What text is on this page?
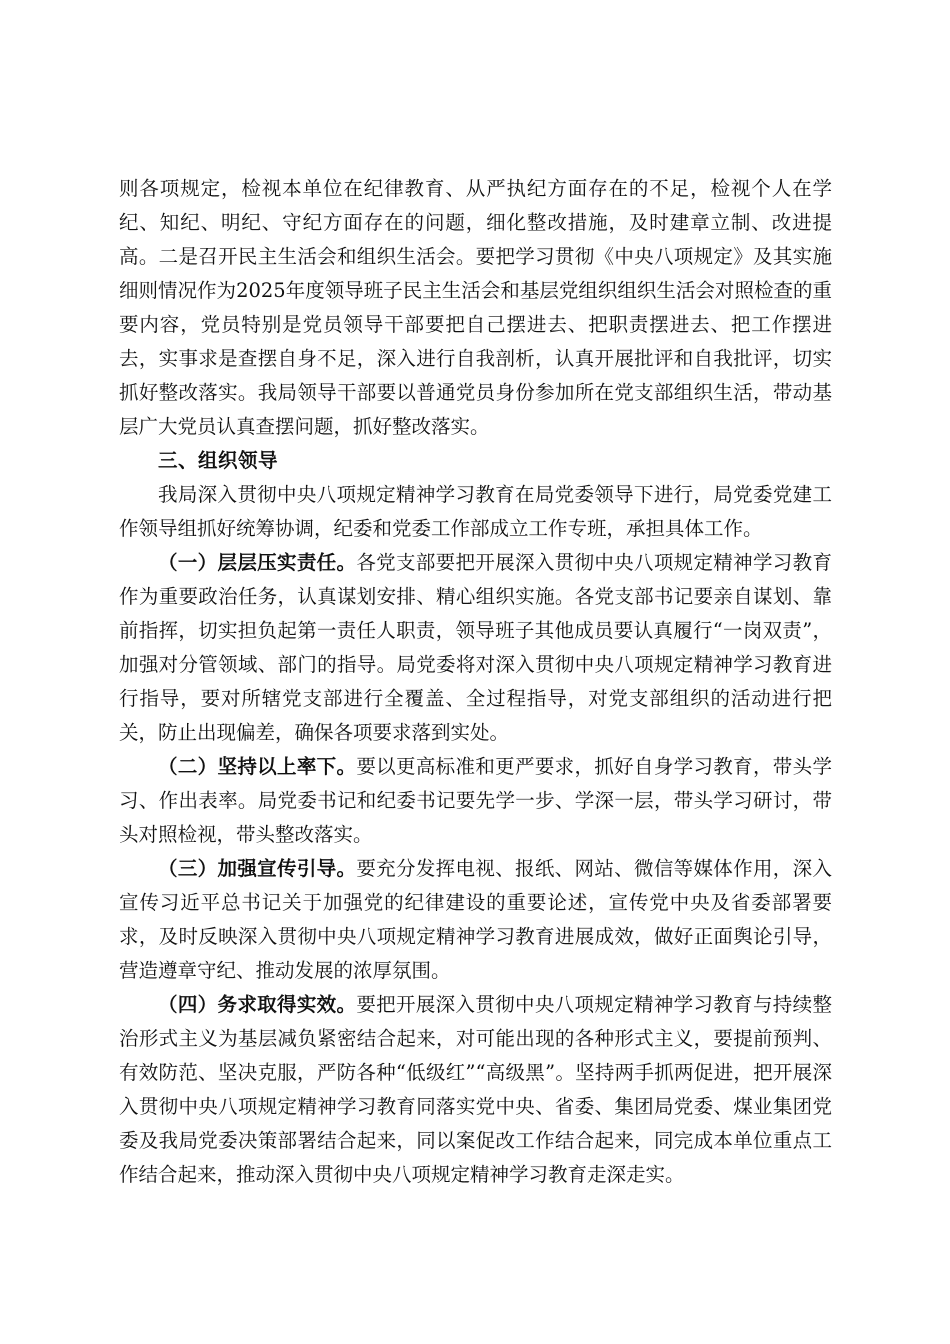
则各项规定，检视本单位在纪律教育、从严执纪方面存在的不足，检视个人在学纪、知纪、明纪、守纪方面存在的问题，细化整改措施，及时建章立制、改进提高。二是召开民主生活会和组织生活会。要把学习贯彻《中央八项规定》及其实施细则情况作为2025年度领导班子民主生活会和基层党组织组织生活会对照检查的重要内容，党员特别是党员领导干部要把自己摆进去、把职责摆进去、把工作摆进去，实事求是查摆自身不足，深入进行自我剖析，认真开展批评和自我批评，切实抓好整改落实。我局领导干部要以普通党员身份参加所在党支部组织生活，带动基层广大党员认真查摆问题，抓好整改落实。

三、组织领导

我局深入贯彻中央八项规定精神学习教育在局党委领导下进行，局党委党建工作领导组抓好统筹协调，纪委和党委工作部成立工作专班，承担具体工作。

（一）层层压实责任。各党支部要把开展深入贯彻中央八项规定精神学习教育作为重要政治任务，认真谋划安排、精心组织实施。各党支部书记要亲自谋划、靠前指挥，切实担负起第一责任人职责，领导班子其他成员要认真履行“一岗双责”，加强对分管领域、部门的指导。局党委将对深入贯彻中央八项规定精神学习教育进行指导，要对所辖党支部进行全覆盖、全过程指导，对党支部组织的活动进行把关，防止出现偏差，确保各项要求落到实处。

（二）坚持以上率下。要以更高标准和更严要求，抓好自身学习教育，带头学习、作出表率。局党委书记和纪委书记要先学一步、学深一层，带头学习研讨，带头对照检视，带头整改落实。

（三）加强宣传引导。要充分发挥电视、报纸、网站、微信等媒体作用，深入宣传习近平总书记关于加强党的纪律建设的重要论述，宣传党中央及省委部署要求，及时反映深入贯彻中央八项规定精神学习教育进展成效，做好正面舆论引导，营造遵章守纪、推动发展的浓厚氛围。

（四）务求取得实效。要把开展深入贯彻中央八项规定精神学习教育与持续整治形式主义为基层减负紧密结合起来，对可能出现的各种形式主义，要提前预判、有效防范、坚决克服，严防各种“低级红”“高级黑”。坚持两手抓两促进，把开展深入贯彻中央八项规定精神学习教育同落实党中央、省委、集团局党委、煤业集团党委及我局党委决策部署结合起来，同以案促改工作结合起来，同完成本单位重点工作结合起来，推动深入贯彻中央八项规定精神学习教育走深走实。
